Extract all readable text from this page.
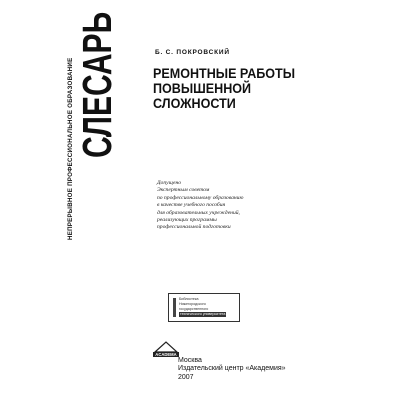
НЕПРЕРЫВНОЕ ПРОФЕССИОНАЛЬНОЕ ОБРАЗОВАНИЕ СЛЕСАРЬ	Б. С. ПОКРОВСКИЙ
РЕМОНТНЫЕ РАБОТЫ
ПОВЫШЕННОЙ
СЛОЖНОСТИ
Допущено
Экспертным советом
по профессиональному образованию
в качестве учебного пособия
для образовательных учреждений,
реализующих программы
профессиональной подготовки
Библиотека
Нижегородского
государственного
технического университета
ACADEMA
Москва
Издательский центр «Академия»
2007
